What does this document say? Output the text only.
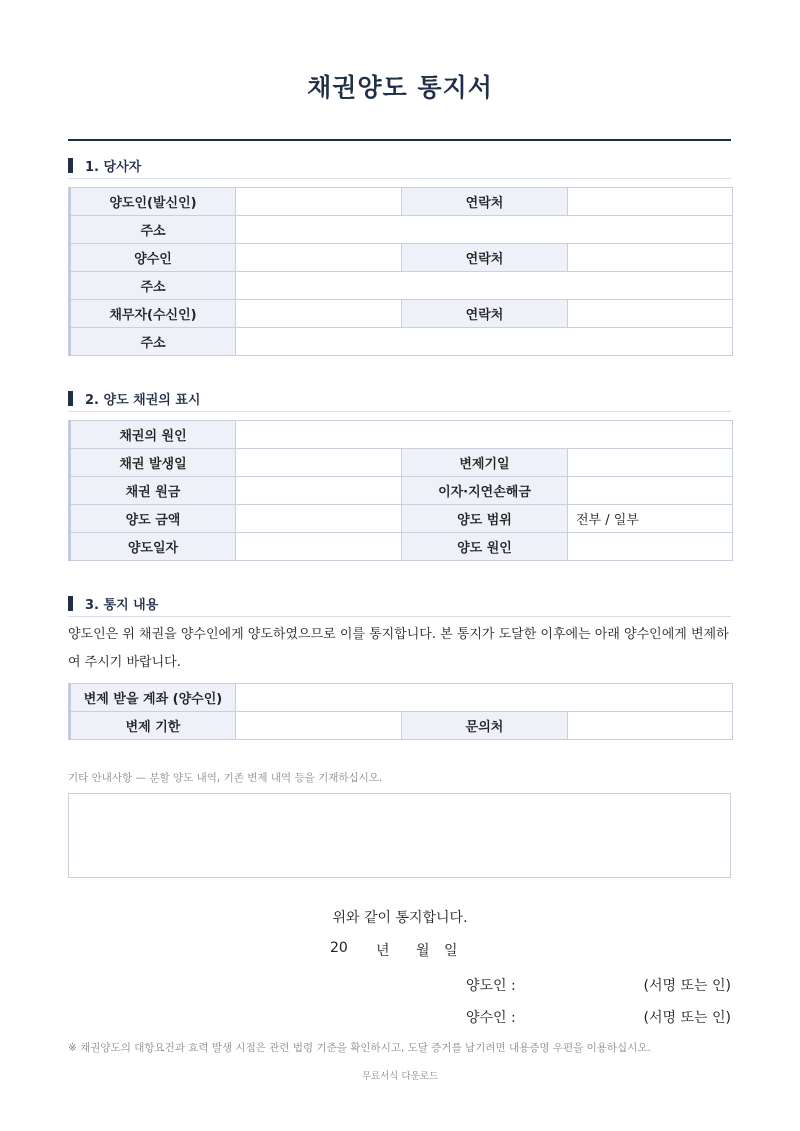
채권양도 통지서
1. 당사자
양도인(발신인)		연락처	
주소			
양수인		연락처	
주소			
채무자(수신인)		연락처	
주소			
2. 양도 채권의 표시
채권의 원인			
채권 발생일		변제기일	
채권 원금		이자·지연손해금	
양도 금액		양도 범위	전부 / 일부
양도일자		양도 원인	
3. 통지 내용
양도인은 위 채권을 양수인에게 양도하였으므로 이를 통지합니다. 본 통지가 도달한 이후에는 아래 양수인에게 변제하여 주시기 바랍니다.
변제 받을 계좌 (양수인)			
변제 기한		문의처	
기타 안내사항 — 분할 양도 내역, 기존 변제 내역 등을 기재하십시오.
위와 같이 통지합니다.
20	년	월	일
양도인 :	(서명 또는 인)
양수인 :	(서명 또는 인)
※ 채권양도의 대항요건과 효력 발생 시점은 관련 법령 기준을 확인하시고, 도달 증거를 남기려면 내용증명 우편을 이용하십시오.
무료서식 다운로드
